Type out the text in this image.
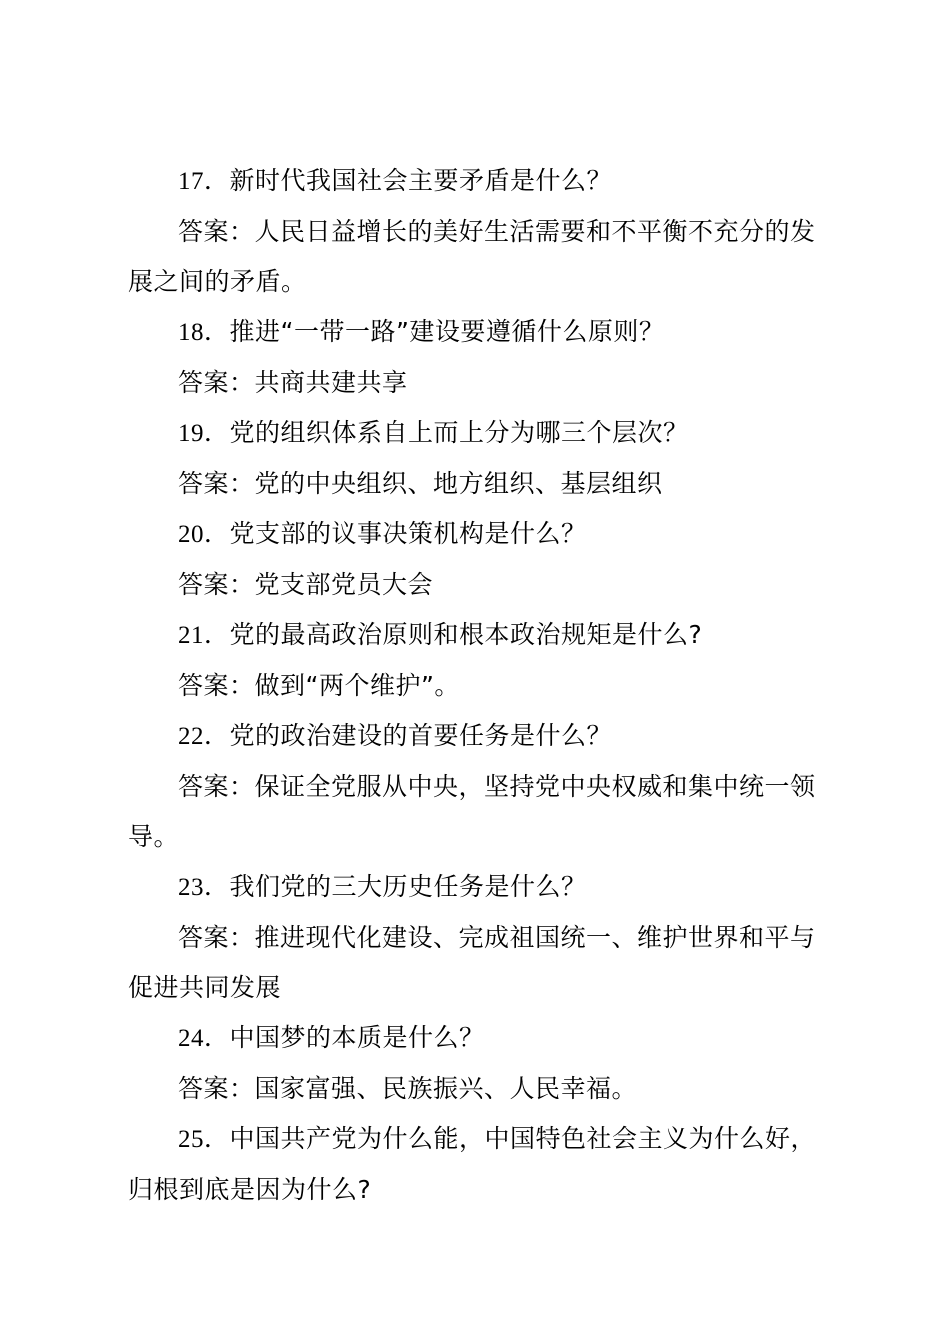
17．新时代我国社会主要矛盾是什么？

答案：人民日益增长的美好生活需要和不平衡不充分的发

展之间的矛盾。

18．推进“一带一路”建设要遵循什么原则？

答案：共商共建共享

19．党的组织体系自上而上分为哪三个层次？

答案：党的中央组织、地方组织、基层组织

20．党支部的议事决策机构是什么？

答案：党支部党员大会

21．党的最高政治原则和根本政治规矩是什么?

答案：做到“两个维护”。

22．党的政治建设的首要任务是什么？

答案：保证全党服从中央，坚持党中央权威和集中统一领

导。

23．我们党的三大历史任务是什么？

答案：推进现代化建设、完成祖国统一、维护世界和平与

促进共同发展

24．中国梦的本质是什么？

答案：国家富强、民族振兴、人民幸福。

25．中国共产党为什么能，中国特色社会主义为什么好，

归根到底是因为什么?
